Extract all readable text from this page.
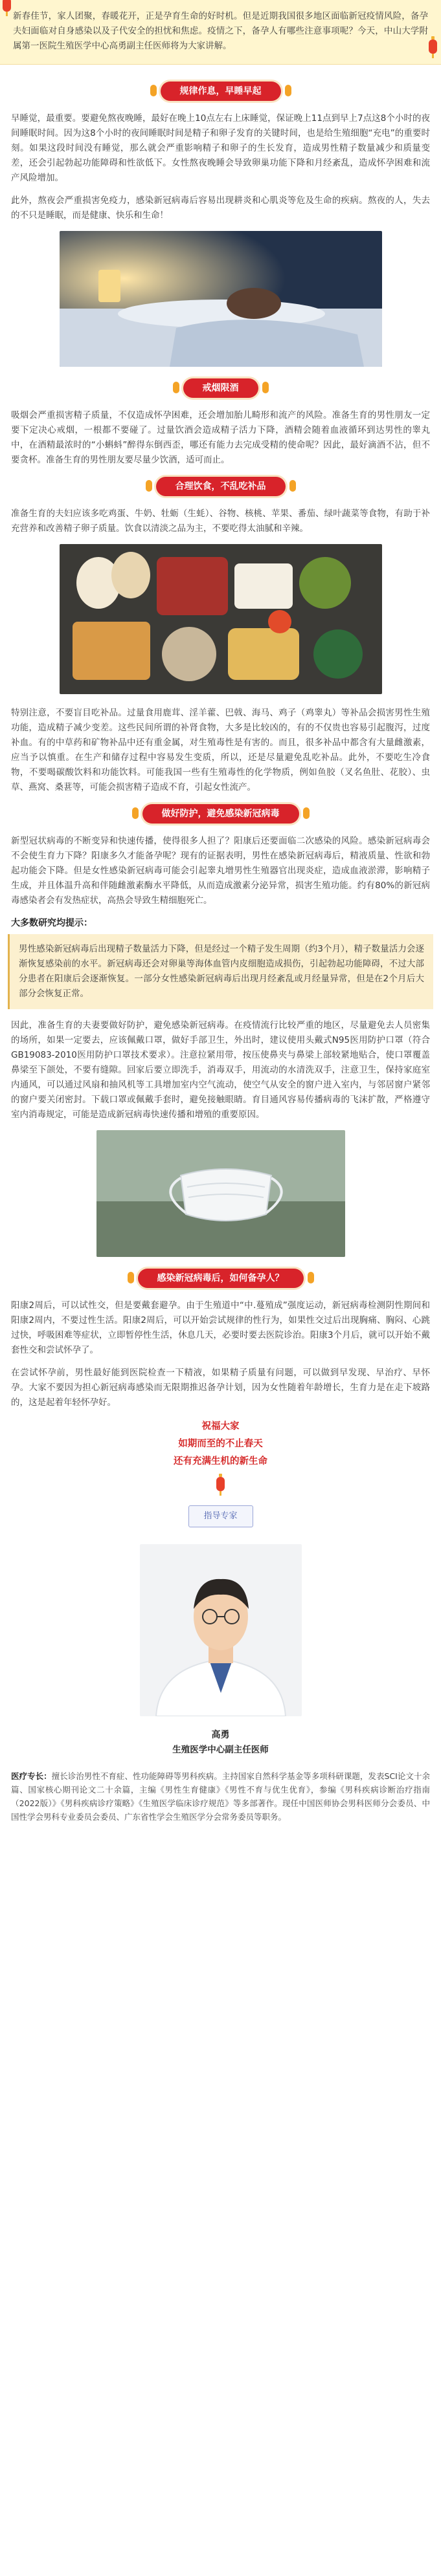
新春佳节，家人团聚，春暖花开，正是孕育生命的好时机。但是近期我国很多地区面临新冠疫情风险，备孕夫妇面临对自身感染以及子代安全的担忧和焦虑。疫情之下，备孕人有哪些注意事项呢？今天，中山大学附属第一医院生殖医学中心高勇副主任医师将为大家讲解。

规律作息，早睡早起

早睡觉，最重要。要避免熬夜晚睡，最好在晚上10点左右上床睡觉，保证晚上11点到早上7点这8个小时的夜间睡眠时间。因为这8个小时的夜间睡眠时间是精子和卵子发育的关键时间，也是给生殖细胞“充电”的重要时刻。如果这段时间没有睡觉，那么就会严重影响精子和卵子的生长发育，造成男性精子数量减少和质量变差，还会引起勃起功能障碍和性欲低下。女性熬夜晚睡会导致卵巢功能下降和月经紊乱，造成怀孕困难和流产风险增加。

此外，熬夜会严重损害免疫力，感染新冠病毒后容易出现耕炎和心肌炎等危及生命的疾病。熬夜的人，失去的不只是睡眠，而是健康、快乐和生命！

戒烟限酒

吸烟会严重损害精子质量，不仅造成怀孕困难，还会增加胎儿畸形和流产的风险。准备生育的男性朋友一定要下定决心戒烟，一根都不要碰了。过量饮酒会造成精子活力下降，酒精会随着血液循环到达男性的睾丸中，在酒精最浓时的“小蝌蚪”醉得东倒西歪，哪还有能力去完成受精的使命呢？因此，最好滴酒不沾，但不要贪杯。准备生育的男性朋友要尽量少饮酒，适可而止。

合理饮食，不乱吃补品

准备生育的夫妇应该多吃鸡蛋、牛奶、牡蛎（生蚝）、谷物、核桃、苹果、番茄、绿叶蔬菜等食物，有助于补充营养和改善精子卵子质量。饮食以清淡之品为主，不要吃得太油腻和辛辣。

特别注意，不要盲目吃补品。过量食用鹿茸、淫羊藿、巴戟、海马、鸡子（鸡睾丸）等补品会损害男性生殖功能，造成精子减少变差。这些民间所谓的补肾食物，大多是比较凶的，有的不仅贵也容易引起腹泻，过度补血。有的中草药和矿物补品中还有重金属，对生殖毒性是有害的。而且，很多补品中都含有大量雌激素，应当予以慎重。在生产和储存过程中容易发生变质，所以，还是尽量避免乱吃补品。此外，不要吃生冷食物，不要喝碳酸饮料和功能饮料。可能我国一些有生殖毒性的化学物质，例如鱼胶（叉名鱼肚、花胶）、虫草、燕窝、桑葚等，可能会损害精子造成不育，引起女性流产。

做好防护，避免感染新冠病毒

新型冠状病毒的不断变异和快速传播，使得很多人担了？阳康后还要面临二次感染的风险。感染新冠病毒会不会使生育力下降？阳康多久才能备孕呢？现有的证据表明，男性在感染新冠病毒后，精液质量、性欲和勃起功能会下降。但是女性感染新冠病毒可能会引起睾丸增男性生殖器官出现炎症，造成血液淤滞，影响精子生成，并且体温升高和伴随雌激素酶水平降低，从而造成激素分泌异常，损害生殖功能。约有80%的新冠病毒感染者会有发热症状，高热会导致生精细胞死亡。

大多数研究均提示：

男性感染新冠病毒后出现精子数量活力下降，但是经过一个精子发生周期（约3个月），精子数量活力会逐渐恢复感染前的水平。新冠病毒还会对卵巢等海体血管内皮细胞造成损伤，引起勃起功能障碍，不过大部分患者在阳康后会逐渐恢复。一部分女性感染新冠病毒后出现月经紊乱或月经量异常，但是在2个月后大部分会恢复正常。

因此，准备生育的夫妻要做好防护，避免感染新冠病毒。在疫情流行比较严重的地区，尽量避免去人员密集的场所，如果一定要去，应该佩戴口罩，做好手部卫生，外出时，建议使用头戴式N95医用防护口罩（符合GB19083-2010医用防护口罩技术要求）。注意拉紧用带，按压使鼻夹与鼻梁上部较紧地贴合，使口罩覆盖鼻梁至下颌处，不要有缝隙。回家后要立即洗手，消毒双手，用流动的水清洗双手，注意卫生，保持家庭室内通风，可以通过风扇和抽风机等工具增加室内空气流动，使空气从安全的窗户进入室内，与邻居窗户紧邻的窗户要关闭密封。下载口罩或佩戴手套时，避免接触眼睛。育目通风容易传播病毒的飞沫扩散，严格遵守室内消毒规定，可能是造成新冠病毒快速传播和增殖的重要原因。

感染新冠病毒后，如何备孕人？

阳康2周后，可以试性交，但是要戴套避孕。由于生殖道中“中.蔓殖成”强度运动，新冠病毒检测阴性期间和阳康2周内，不要过性生活。阳康2周后，可以开始尝试规律的性行为，如果性交过后出现胸痛、胸闷、心跳过快，呼吸困难等症状，立即暂停性生活，休息几天，必要时要去医院诊治。阳康3个月后，就可以开始不戴套性交和尝试怀孕了。

在尝试怀孕前，男性最好能到医院检查一下精液，如果精子质量有问题，可以做到早发现、早治疗、早怀孕。大家不要因为担心新冠病毒感染而无限期推迟备孕计划，因为女性随着年龄增长，生育力是在走下坡路的，这是起着年轻怀孕好。

祝福大家
如期而至的不止春天
还有充满生机的新生命
指导专家
高勇
生殖医学中心副主任医师

医疗专长：擅长诊治男性不育症、性功能障碍等男科疾病。主持国家自然科学基金等多项科研课题，发表SCI论文十余篇、国家核心期刊论文二十余篇，主编《男性生育健康》《男性不育与优生优育》，参编《男科疾病诊断治疗指南（2022版）》《男科疾病诊疗策略》《生殖医学临床诊疗规范》等多部著作。现任中国医师协会男科医师分会委员、中国性学会男科专业委员会委员、广东省性学会生殖医学分会常务委员等职务。
